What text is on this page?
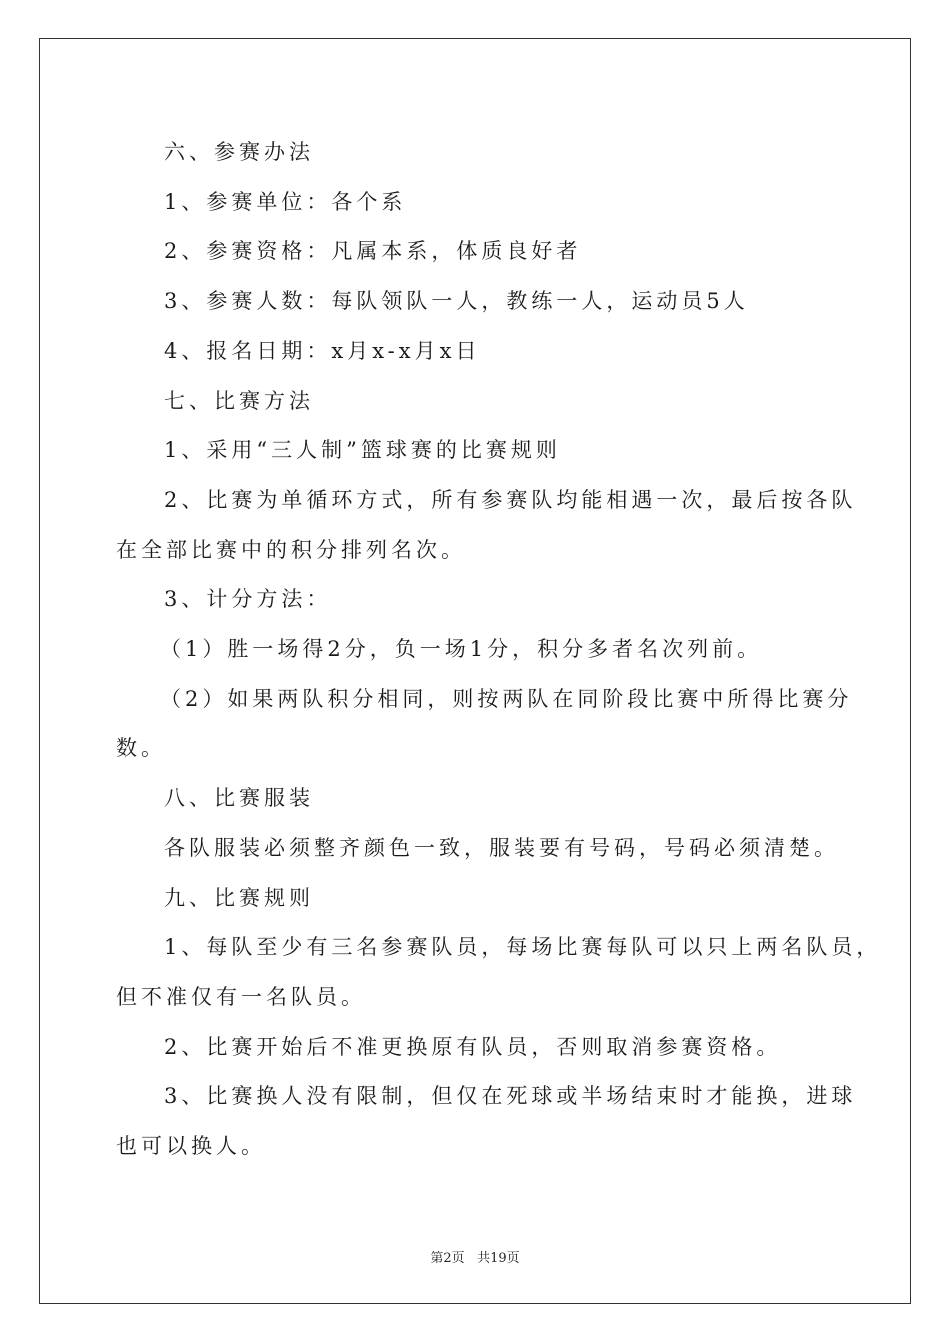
六、参赛办法

1、参赛单位：各个系

2、参赛资格：凡属本系，体质良好者

3、参赛人数：每队领队一人，教练一人，运动员5人

4、报名日期：x月x-x月x日

七、比赛方法

1、采用“三人制”篮球赛的比赛规则

2、比赛为单循环方式，所有参赛队均能相遇一次，最后按各队

在全部比赛中的积分排列名次。

3、计分方法：

（1）胜一场得2分，负一场1分，积分多者名次列前。

（2）如果两队积分相同，则按两队在同阶段比赛中所得比赛分

数。

八、比赛服装

各队服装必须整齐颜色一致，服装要有号码，号码必须清楚。

九、比赛规则

1、每队至少有三名参赛队员，每场比赛每队可以只上两名队员，

但不准仅有一名队员。

2、比赛开始后不准更换原有队员，否则取消参赛资格。

3、比赛换人没有限制，但仅在死球或半场结束时才能换，进球

也可以换人。

第2页 共19页
